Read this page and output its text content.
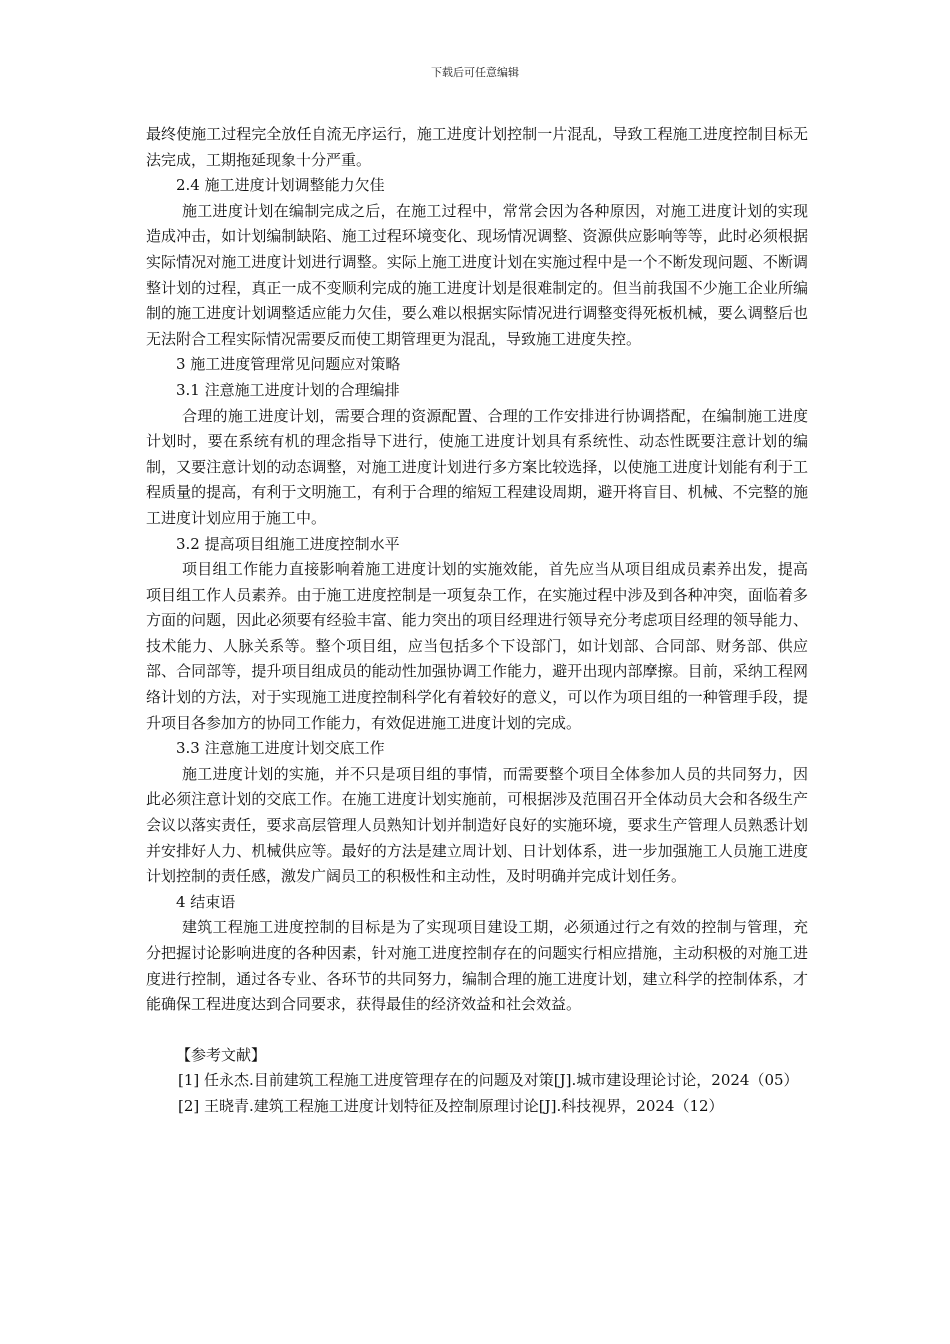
下载后可任意编辑

最终使施工过程完全放任自流无序运行，施工进度计划控制一片混乱，导致工程施工进度控制目标无法完成，工期拖延现象十分严重。

2.4 施工进度计划调整能力欠佳

施工进度计划在编制完成之后，在施工过程中，常常会因为各种原因，对施工进度计划的实现造成冲击，如计划编制缺陷、施工过程环境变化、现场情况调整、资源供应影响等等，此时必须根据实际情况对施工进度计划进行调整。实际上施工进度计划在实施过程中是一个不断发现问题、不断调整计划的过程，真正一成不变顺利完成的施工进度计划是很难制定的。但当前我国不少施工企业所编制的施工进度计划调整适应能力欠佳，要么难以根据实际情况进行调整变得死板机械，要么调整后也无法附合工程实际情况需要反而使工期管理更为混乱，导致施工进度失控。

3 施工进度管理常见问题应对策略

3.1 注意施工进度计划的合理编排

合理的施工进度计划，需要合理的资源配置、合理的工作安排进行协调搭配，在编制施工进度计划时，要在系统有机的理念指导下进行，使施工进度计划具有系统性、动态性既要注意计划的编制，又要注意计划的动态调整，对施工进度计划进行多方案比较选择，以使施工进度计划能有利于工程质量的提高，有利于文明施工，有利于合理的缩短工程建设周期，避开将盲目、机械、不完整的施工进度计划应用于施工中。

3.2 提高项目组施工进度控制水平

项目组工作能力直接影响着施工进度计划的实施效能，首先应当从项目组成员素养出发，提高项目组工作人员素养。由于施工进度控制是一项复杂工作，在实施过程中涉及到各种冲突，面临着多方面的问题，因此必须要有经验丰富、能力突出的项目经理进行领导充分考虑项目经理的领导能力、技术能力、人脉关系等。整个项目组，应当包括多个下设部门，如计划部、合同部、财务部、供应部、合同部等，提升项目组成员的能动性加强协调工作能力，避开出现内部摩擦。目前，采纳工程网络计划的方法，对于实现施工进度控制科学化有着较好的意义，可以作为项目组的一种管理手段，提升项目各参加方的协同工作能力，有效促进施工进度计划的完成。

3.3 注意施工进度计划交底工作

施工进度计划的实施，并不只是项目组的事情，而需要整个项目全体参加人员的共同努力，因此必须注意计划的交底工作。在施工进度计划实施前，可根据涉及范围召开全体动员大会和各级生产会议以落实责任，要求高层管理人员熟知计划并制造好良好的实施环境，要求生产管理人员熟悉计划并安排好人力、机械供应等。最好的方法是建立周计划、日计划体系，进一步加强施工人员施工进度计划控制的责任感，激发广阔员工的积极性和主动性，及时明确并完成计划任务。

4 结束语

建筑工程施工进度控制的目标是为了实现项目建设工期，必须通过行之有效的控制与管理，充分把握讨论影响进度的各种因素，针对施工进度控制存在的问题实行相应措施，主动积极的对施工进度进行控制，通过各专业、各环节的共同努力，编制合理的施工进度计划，建立科学的控制体系，才能确保工程进度达到合同要求，获得最佳的经济效益和社会效益。

【参考文献】

[1] 任永杰.目前建筑工程施工进度管理存在的问题及对策[J].城市建设理论讨论，2024（05）

[2] 王晓青.建筑工程施工进度计划特征及控制原理讨论[J].科技视界，2024（12）
